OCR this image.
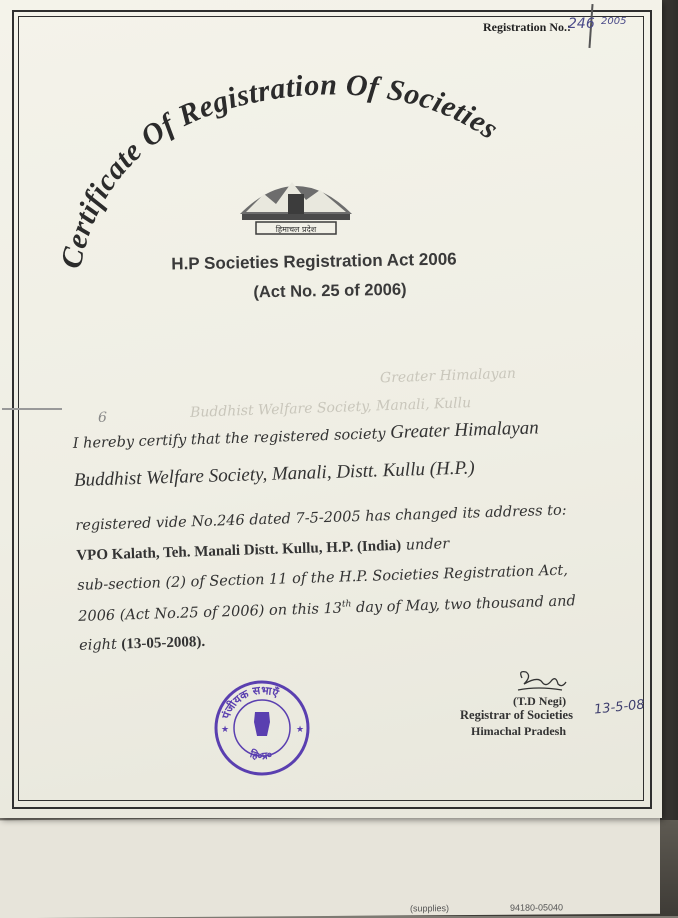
(supplies)	94180-05040
Registration No.:
246 2005
Certificate Of Registration Of Societies
हिमाचल प्रदेश
H.P Societies Registration Act 2006
(Act No. 25 of 2006)
Greater Himalayan
Buddhist Welfare Society, Manali, Kullu
6
I hereby certify that the registered society Greater Himalayan
Buddhist Welfare Society, Manali, Distt. Kullu (H.P.)
registered vide No.246 dated 7-5-2005 has changed its address to:
VPO Kalath, Teh. Manali Distt. Kullu, H.P. (India) under
sub-section (2) of Section 11 of the H.P. Societies Registration Act,
2006 (Act No.25 of 2006) on this 13th day of May, two thousand and
eight (13-05-2008).
(T.D Negi)
Registrar of Societies
Himachal Pradesh
13-5-08
पंजीयक सभाएँ
हि०प्र०
★	★
